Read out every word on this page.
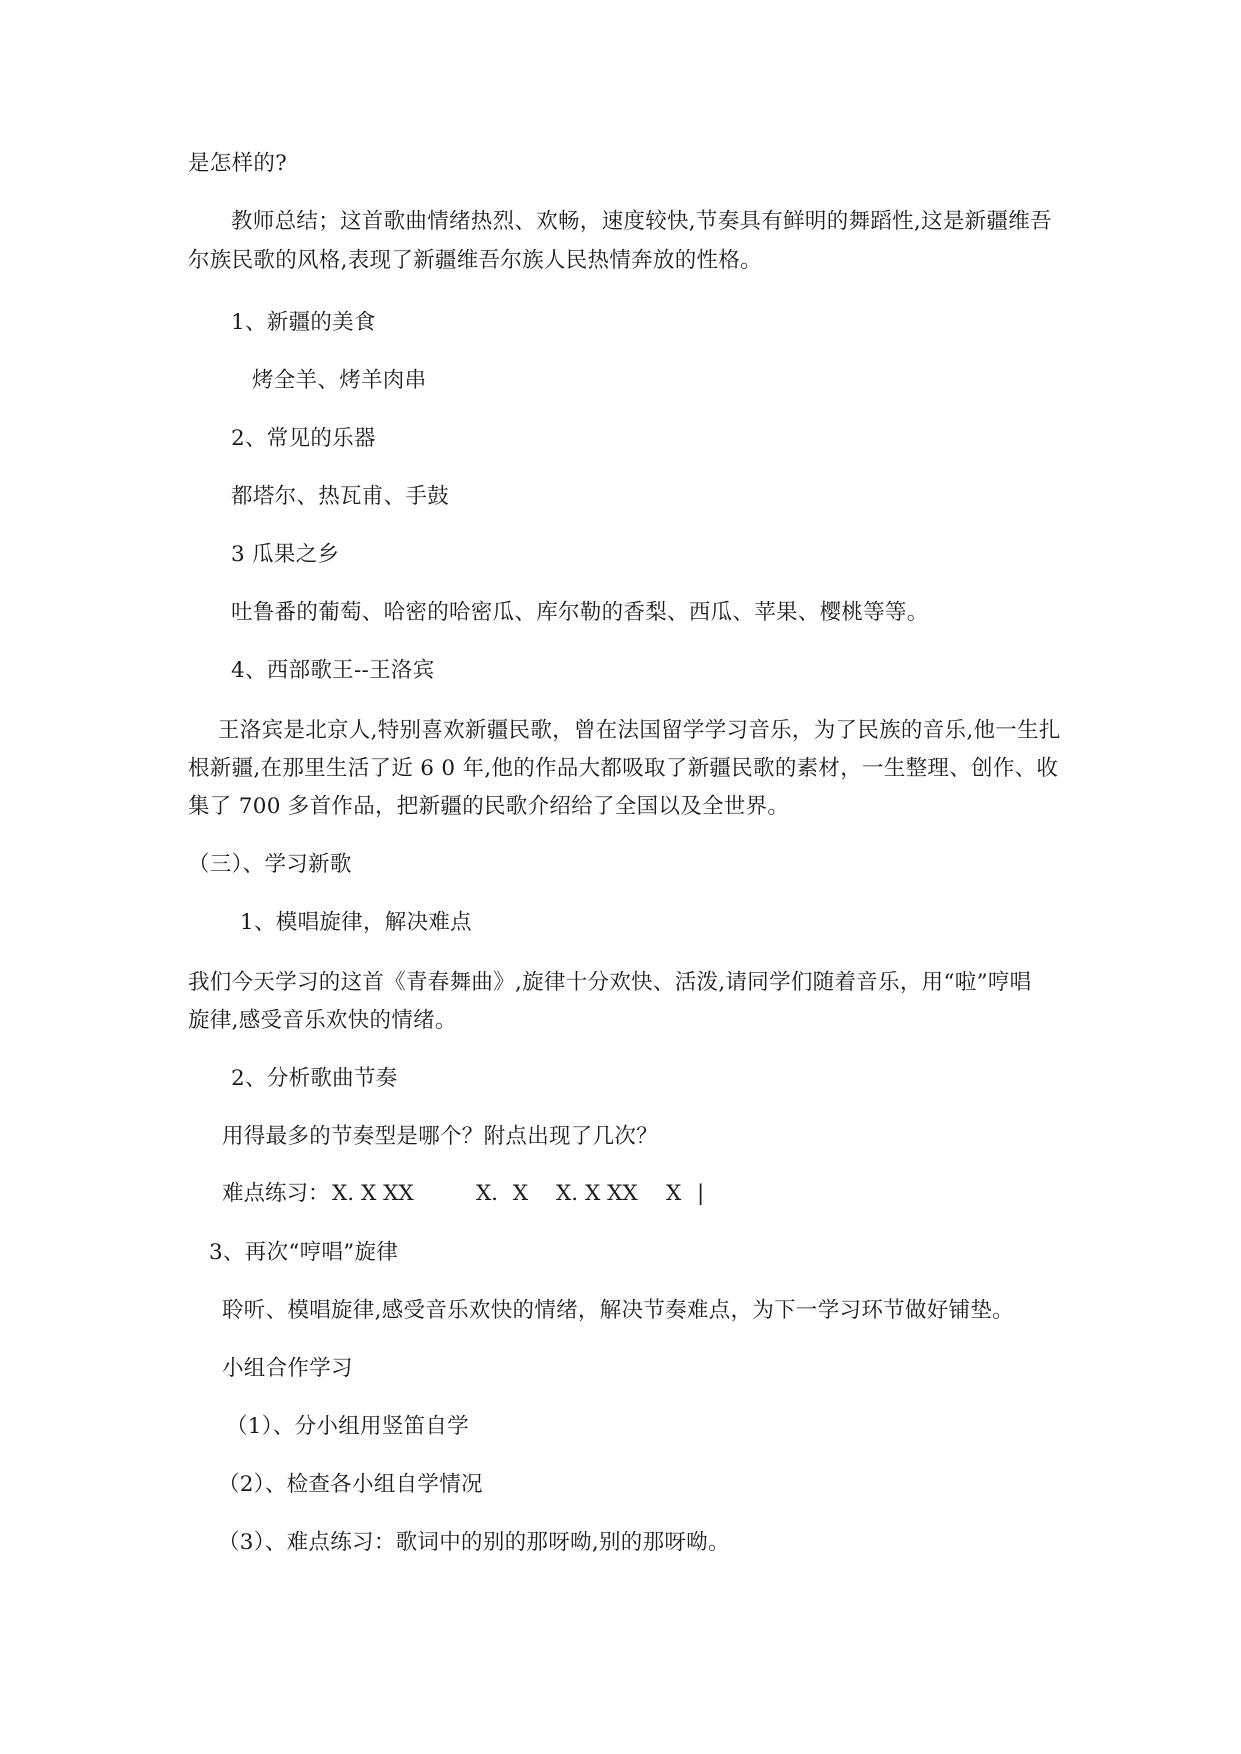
是怎样的?
教师总结；这首歌曲情绪热烈、欢畅，速度较快,节奏具有鲜明的舞蹈性,这是新疆维吾
尔族民歌的风格,表现了新疆维吾尔族人民热情奔放的性格。
1、新疆的美食
烤全羊、烤羊肉串
2、常见的乐器
都塔尔、热瓦甫、手鼓
3 瓜果之乡
吐鲁番的葡萄、哈密的哈密瓜、库尔勒的香梨、西瓜、苹果、樱桃等等。
4、西部歌王--王洛宾
王洛宾是北京人,特别喜欢新疆民歌，曾在法国留学学习音乐，为了民族的音乐,他一生扎
根新疆,在那里生活了近 6 0 年,他的作品大都吸取了新疆民歌的素材，一生整理、创作、收
集了 700 多首作品，把新疆的民歌介绍给了全国以及全世界。
（三）、学习新歌
1、模唱旋律，解决难点
我们今天学习的这首《青春舞曲》,旋律十分欢快、活泼,请同学们随着音乐，用“啦”哼唱
旋律,感受音乐欢快的情绪。
2、分析歌曲节奏
用得最多的节奏型是哪个？附点出现了几次？
难点练习： X. X XX	X．X X. X XX X |
3、再次“哼唱”旋律
聆听、模唱旋律,感受音乐欢快的情绪，解决节奏难点，为下一学习环节做好铺垫。
小组合作学习
（1）、分小组用竖笛自学
（2）、检查各小组自学情况
（3）、难点练习：歌词中的别的那呀呦,别的那呀呦。
